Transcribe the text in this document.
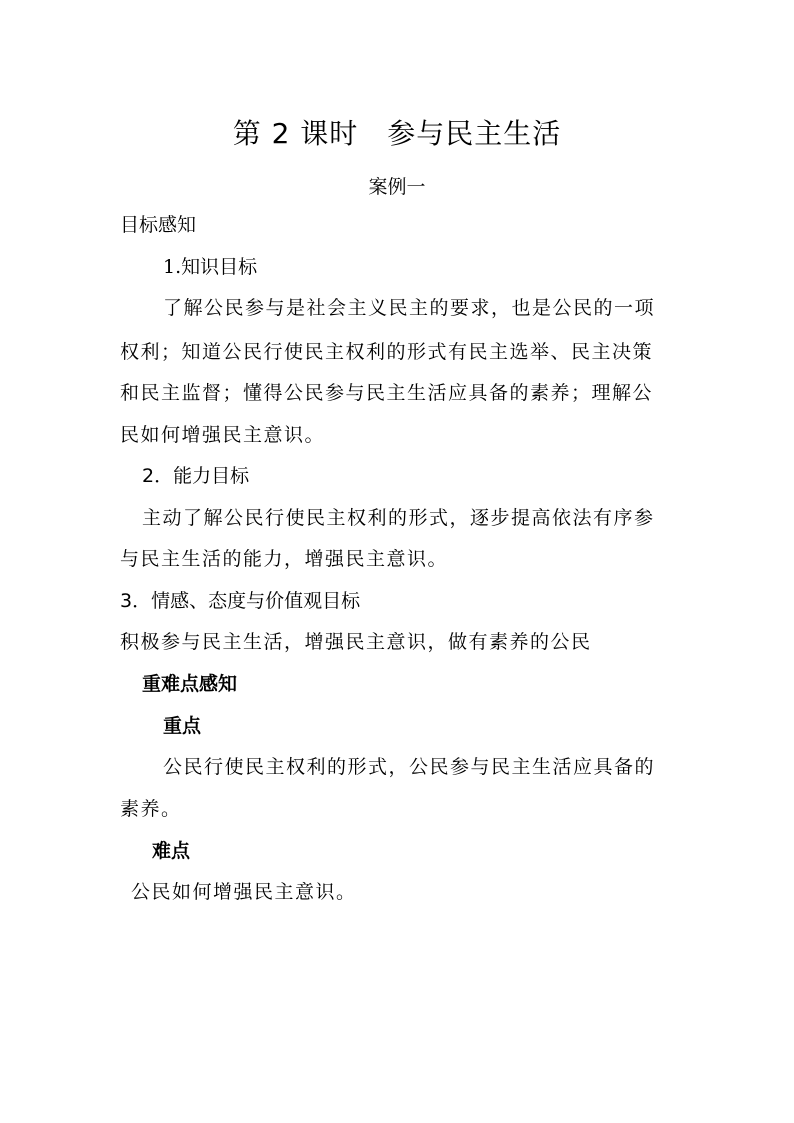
第 2 课时　参与民主生活
案例一
目标感知
1.知识目标
了解公民参与是社会主义民主的要求，也是公民的一项
权利；知道公民行使民主权利的形式有民主选举、民主决策
和民主监督；懂得公民参与民主生活应具备的素养；理解公
民如何增强民主意识。
2．能力目标
主动了解公民行使民主权利的形式，逐步提高依法有序参
与民主生活的能力，增强民主意识。
3．情感、态度与价值观目标
积极参与民主生活，增强民主意识，做有素养的公民
重难点感知
重点
公民行使民主权利的形式，公民参与民主生活应具备的
素养。
难点
公民如何增强民主意识。
